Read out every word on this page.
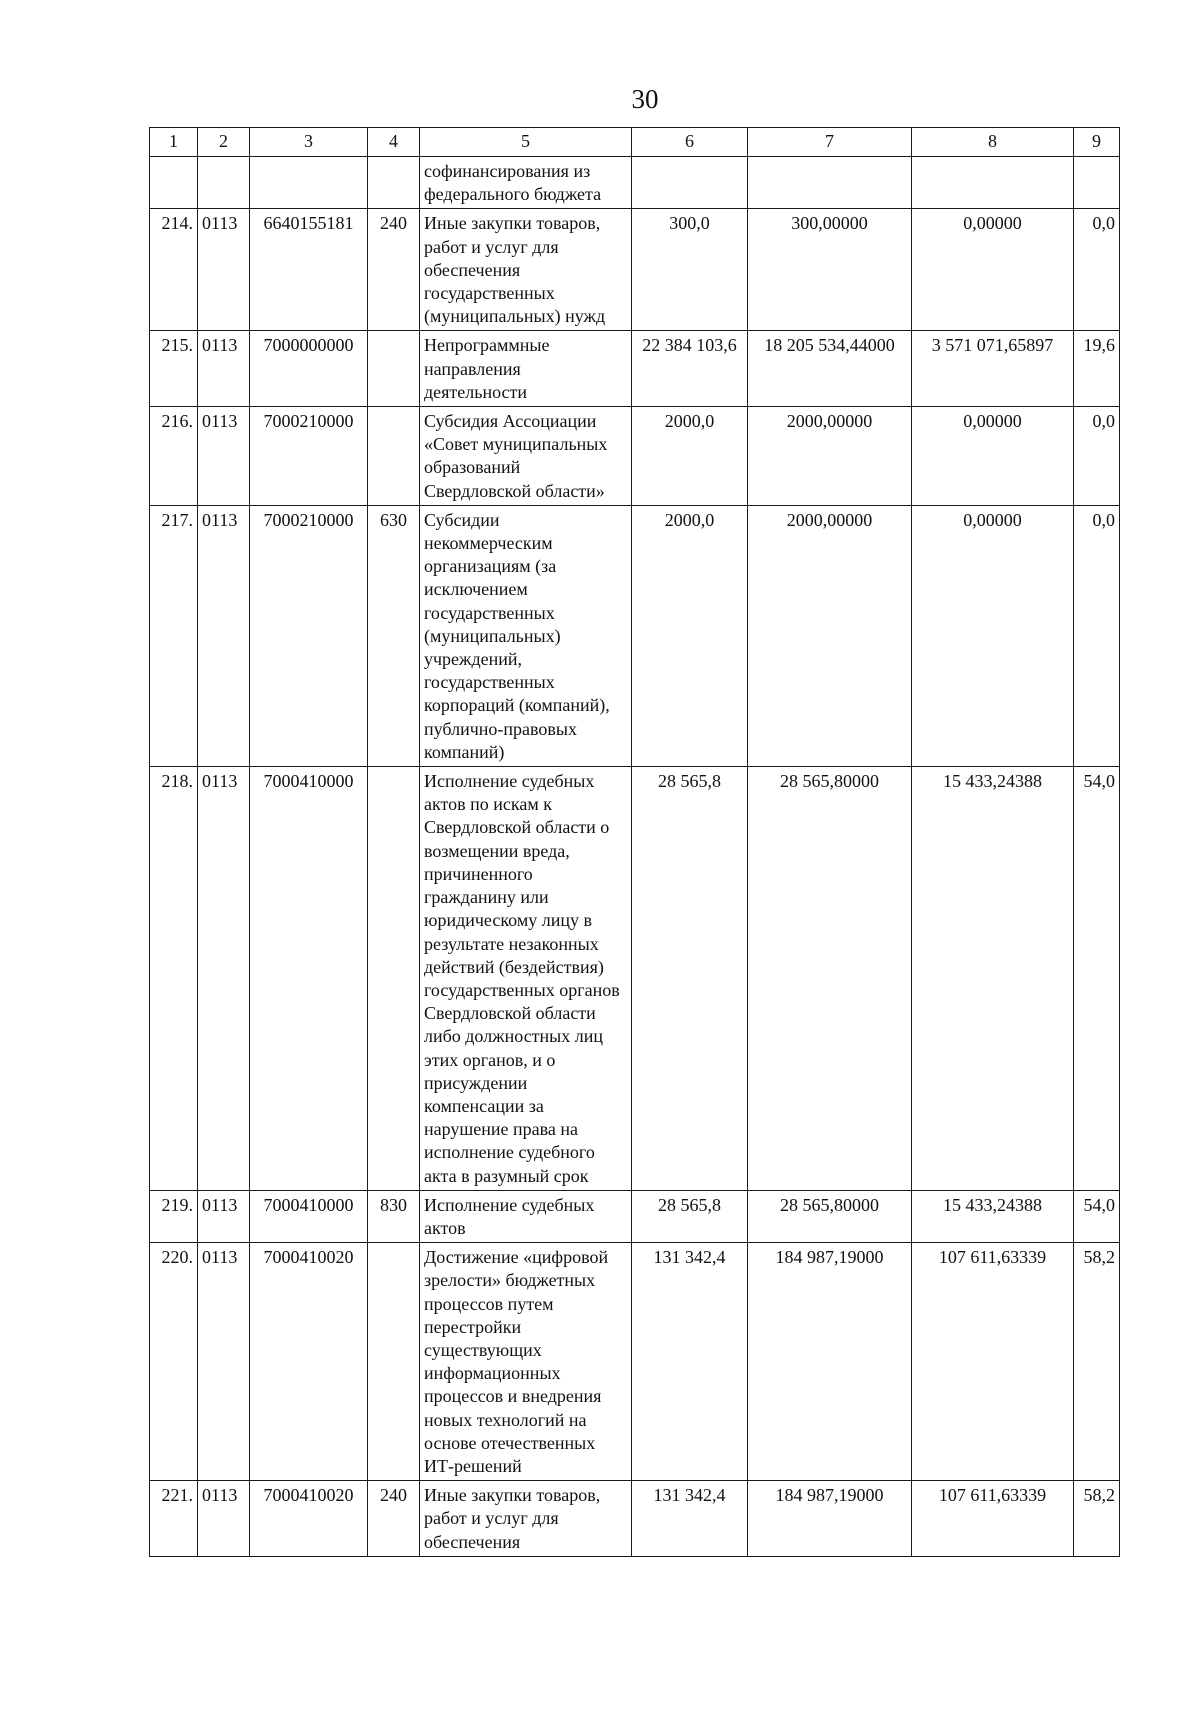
30
1	2	3	4	5	6	7	8	9
				софинансирования из федерального бюджета				
214.	0113	6640155181	240	Иные закупки товаров, работ и услуг для обеспечения государственных (муниципальных) нужд	300,0	300,00000	0,00000	0,0
215.	0113	7000000000		Непрограммные направления деятельности	22 384 103,6	18 205 534,44000	3 571 071,65897	19,6
216.	0113	7000210000		Субсидия Ассоциации «Совет муниципальных образований Свердловской области»	2000,0	2000,00000	0,00000	0,0
217.	0113	7000210000	630	Субсидии некоммерческим организациям (за исключением государственных (муниципальных) учреждений, государственных корпораций (компаний), публично-правовых компаний)	2000,0	2000,00000	0,00000	0,0
218.	0113	7000410000		Исполнение судебных актов по искам к Свердловской области о возмещении вреда, причиненного гражданину или юридическому лицу в результате незаконных действий (бездействия) государственных органов Свердловской области либо должностных лиц этих органов, и о присуждении компенсации за нарушение права на исполнение судебного акта в разумный срок	28 565,8	28 565,80000	15 433,24388	54,0
219.	0113	7000410000	830	Исполнение судебных актов	28 565,8	28 565,80000	15 433,24388	54,0
220.	0113	7000410020		Достижение «цифровой зрелости» бюджетных процессов путем перестройки существующих информационных процессов и внедрения новых технологий на основе отечественных ИТ-решений	131 342,4	184 987,19000	107 611,63339	58,2
221.	0113	7000410020	240	Иные закупки товаров, работ и услуг для обеспечения	131 342,4	184 987,19000	107 611,63339	58,2
